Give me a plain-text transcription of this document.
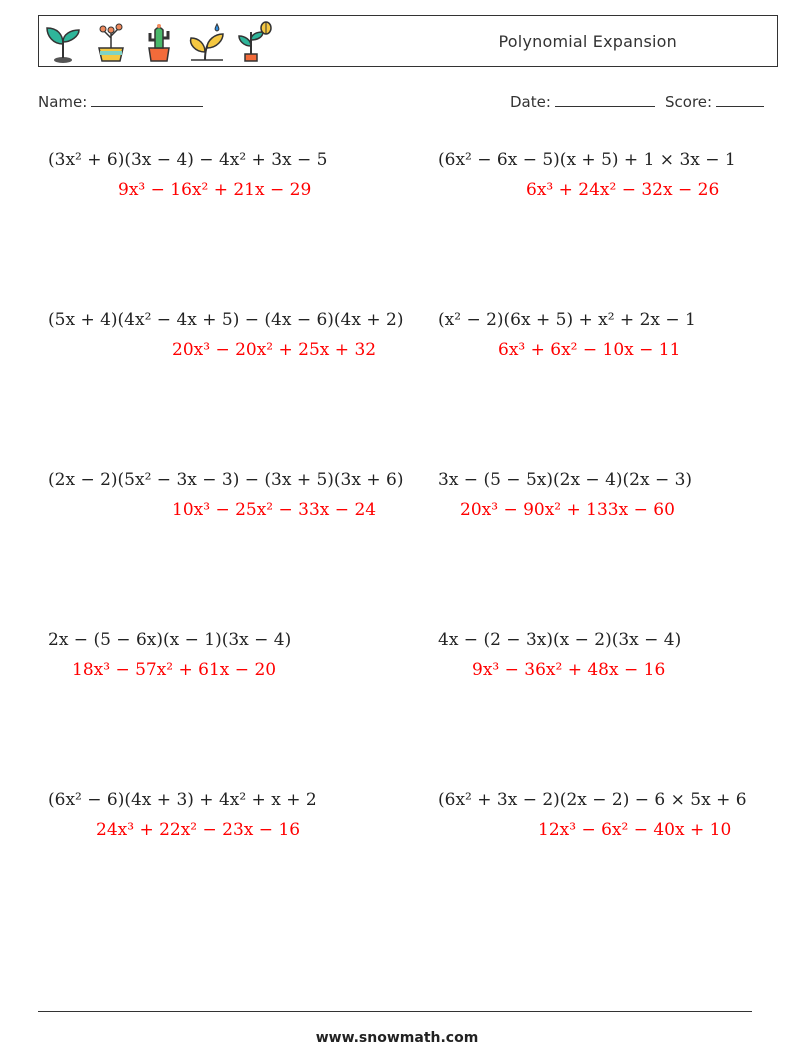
Polynomial Expansion
Name:	Date:	Score:
(3x² + 6)(3x − 4) − 4x² + 3x − 5
9x³ − 16x² + 21x − 29
(5x + 4)(4x² − 4x + 5) − (4x − 6)(4x + 2)
20x³ − 20x² + 25x + 32
(2x − 2)(5x² − 3x − 3) − (3x + 5)(3x + 6)
10x³ − 25x² − 33x − 24
2x − (5 − 6x)(x − 1)(3x − 4)
18x³ − 57x² + 61x − 20
(6x² − 6)(4x + 3) + 4x² + x + 2
24x³ + 22x² − 23x − 16
(6x² − 6x − 5)(x + 5) + 1 × 3x − 1
6x³ + 24x² − 32x − 26
(x² − 2)(6x + 5) + x² + 2x − 1
6x³ + 6x² − 10x − 11
3x − (5 − 5x)(2x − 4)(2x − 3)
20x³ − 90x² + 133x − 60
4x − (2 − 3x)(x − 2)(3x − 4)
9x³ − 36x² + 48x − 16
(6x² + 3x − 2)(2x − 2) − 6 × 5x + 6
12x³ − 6x² − 40x + 10
www.snowmath.com
